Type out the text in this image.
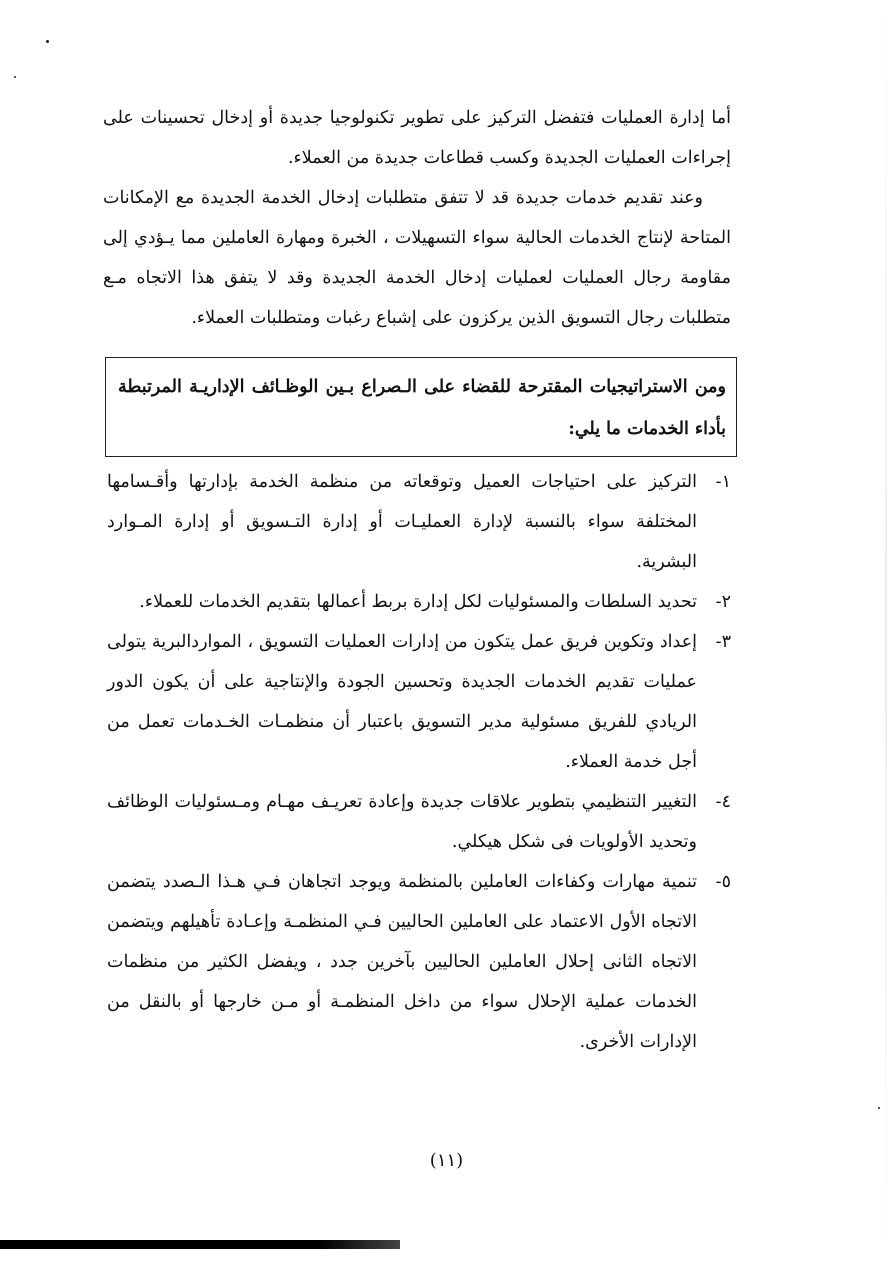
أما إدارة العمليات فتفضل التركيز على تطوير تكنولوجيا جديدة أو إدخال تحسينات على إجراءات العمليات الجديدة وكسب قطاعات جديدة من العملاء.

وعند تقديم خدمات جديدة قد لا تتفق متطلبات إدخال الخدمة الجديدة مع الإمكانات المتاحة لإنتاج الخدمات الحالية سواء التسهيلات ، الخبرة ومهارة العاملين مما يـؤدي إلى مقاومة رجال العمليات لعمليات إدخال الخدمة الجديدة وقد لا يتفق هذا الاتجاه مـع متطلبات رجال التسويق الذين يركزون على إشباع رغبات ومتطلبات العملاء.

ومن الاستراتيجيات المقترحة للقضاء على الـصراع بـين الوظـائف الإداريـة المرتبطة بأداء الخدمات ما يلي:
١-
التركيز على احتياجات العميل وتوقعاته من منظمة الخدمة بإدارتها وأقـسامها المختلفة سواء بالنسبة لإدارة العمليـات أو إدارة التـسويق أو إدارة المـوارد البشرية.
٢-
تحديد السلطات والمسئوليات لكل إدارة بربط أعمالها بتقديم الخدمات للعملاء.
٣-
إعداد وتكوين فريق عمل يتكون من إدارات العمليات التسويق ، المواردالبرية يتولى عمليات تقديم الخدمات الجديدة وتحسين الجودة والإنتاجية على أن يكون الدور الريادي للفريق مسئولية مدير التسويق باعتبار أن منظمـات الخـدمات تعمل من أجل خدمة العملاء.
٤-
التغيير التنظيمي بتطوير علاقات جديدة وإعادة تعريـف مهـام ومـسئوليات الوظائف وتحديد الأولويات فى شكل هيكلي.
٥-
تنمية مهارات وكفاءات العاملين بالمنظمة ويوجد اتجاهان فـي هـذا الـصدد يتضمن الاتجاه الأول الاعتماد على العاملين الحاليين فـي المنظمـة وإعـادة تأهيلهم ويتضمن الاتجاه الثانى إحلال العاملين الحاليين بآخرين جدد ، ويفضل الكثير من منظمات الخدمات عملية الإحلال سواء من داخل المنظمـة أو مـن خارجها أو بالنقل من الإدارات الأخرى.
(١١)
